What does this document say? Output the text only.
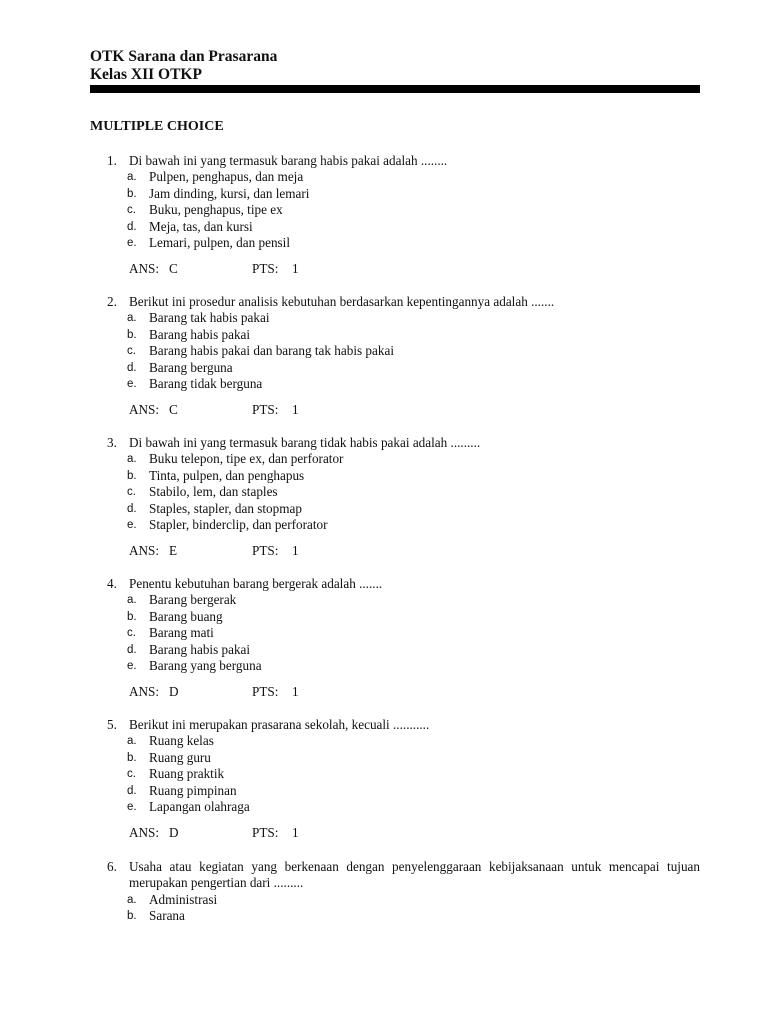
OTK Sarana dan Prasarana
Kelas XII OTKP
MULTIPLE CHOICE
1. Di bawah ini yang termasuk barang habis pakai adalah ........
a. Pulpen, penghapus, dan meja
b. Jam dinding, kursi, dan lemari
c. Buku, penghapus, tipe ex
d. Meja, tas, dan kursi
e. Lemari, pulpen, dan pensil
ANS: C	PTS: 1
2. Berikut ini prosedur analisis kebutuhan berdasarkan kepentingannya adalah .......
a. Barang tak habis pakai
b. Barang habis pakai
c. Barang habis pakai dan barang tak habis pakai
d. Barang berguna
e. Barang tidak berguna
ANS: C	PTS: 1
3. Di bawah ini yang termasuk barang tidak habis pakai adalah .........
a. Buku telepon, tipe ex, dan perforator
b. Tinta, pulpen, dan penghapus
c. Stabilo, lem, dan staples
d. Staples, stapler, dan stopmap
e. Stapler, binderclip, dan perforator
ANS: E	PTS: 1
4. Penentu kebutuhan barang bergerak adalah .......
a. Barang bergerak
b. Barang buang
c. Barang mati
d. Barang habis pakai
e. Barang yang berguna
ANS: D	PTS: 1
5. Berikut ini merupakan prasarana sekolah, kecuali ...........
a. Ruang kelas
b. Ruang guru
c. Ruang praktik
d. Ruang pimpinan
e. Lapangan olahraga
ANS: D	PTS: 1
6. Usaha atau kegiatan yang berkenaan dengan penyelenggaraan kebijaksanaan untuk mencapai tujuan merupakan pengertian dari .........
a. Administrasi
b. Sarana
